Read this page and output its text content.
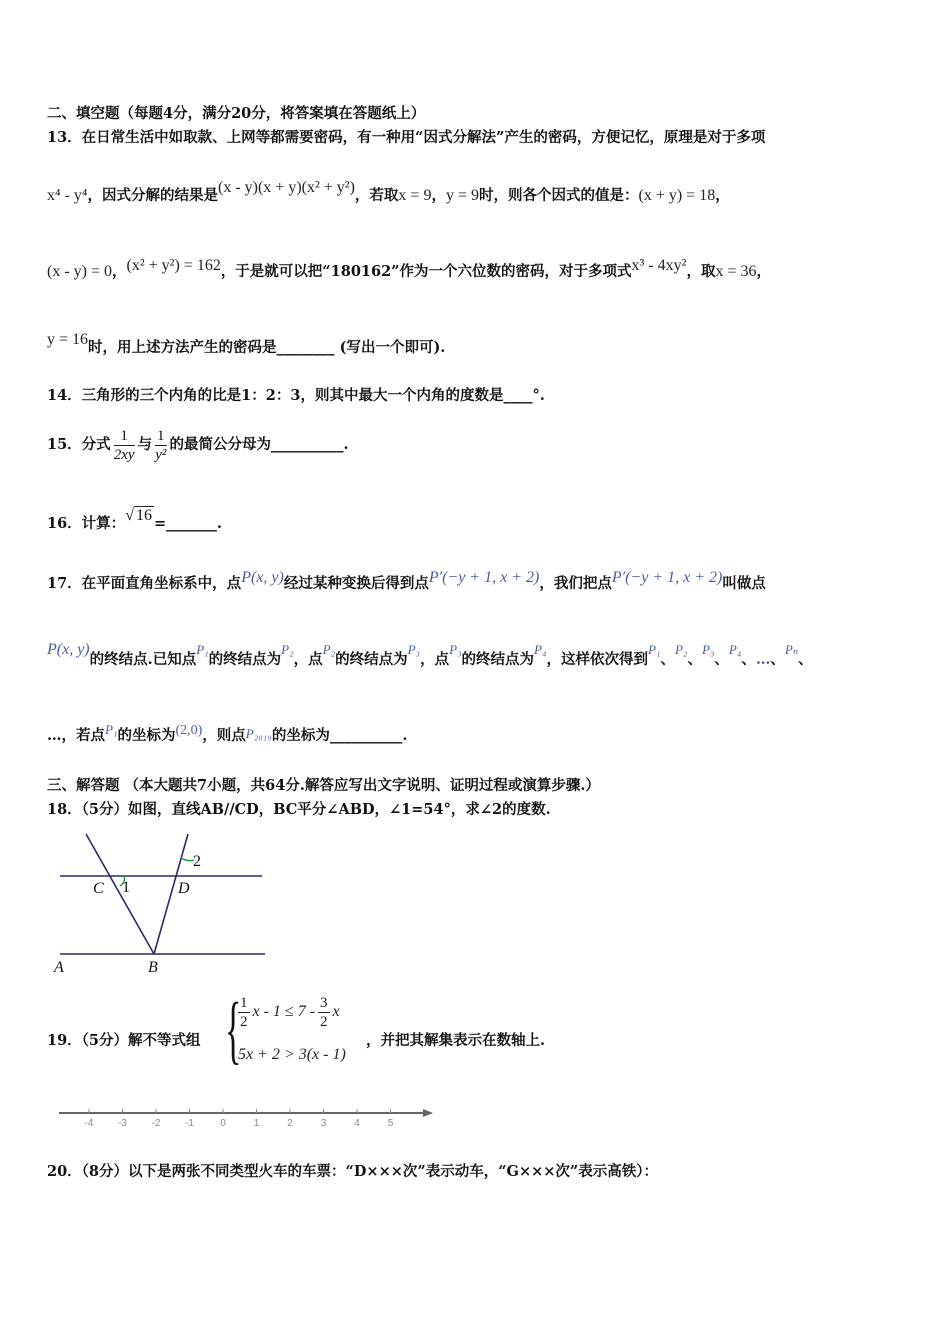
二、填空题（每题4分，满分20分，将答案填在答题纸上）
13．在日常生活中如取款、上网等都需要密码，有一种用“因式分解法”产生的密码，方便记忆，原理是对于多项
x⁴ - y⁴，因式分解的结果是(x - y)(x + y)(x² + y²)，若取x = 9，y = 9时，则各个因式的值是：(x + y) = 18，
(x - y) = 0，(x² + y²) = 162，于是就可以把“180162”作为一个六位数的密码，对于多项式x³ - 4xy²，取x = 36，
y = 16时，用上述方法产生的密码是________ (写出一个即可).
14．三角形的三个内角的比是1：2：3，则其中最大一个内角的度数是____°.
15．分式 $\frac{1}{2xy}$ 与 $\frac{1}{\text{y²}}$ 的最简公分母为__________.
16．计算：√ 16 =_______.
17．在平面直角坐标系中，点P(x, y)经过某种变换后得到点P′(−y + 1, x + 2)，我们把点P′(−y + 1, x + 2)叫做点
P(x, y)的终结点.已知点P₁的终结点为P₂，点P₂的终结点为P₃，点P₃的终结点为P₄，这样依次得到P₁、P₂、P₃、P₄、…、Pₙ、
…，若点P₁的坐标为(2,0)，则点P₂₀₁₉的坐标为__________.
三、解答题 （本大题共7小题，共64分.解答应写出文字说明、证明过程或演算步骤.）
18．（5分）如图，直线AB//CD，BC平分∠ABD，∠1=54°，求∠2的度数.
C 1	D
2
A	B
19．（5分）解不等式组 {
$\frac{1}{2}$ $x - 1 \le 7 - \frac{3}{2}$ x
5x + 2 > 3(x - 1)
，并把其解集表示在数轴上.
-4 -3 -2 -1	0	1	2	3	4	5
20．（8分）以下是两张不同类型火车的车票：“D×××次”表示动车，“G×××次”表示高铁）：
